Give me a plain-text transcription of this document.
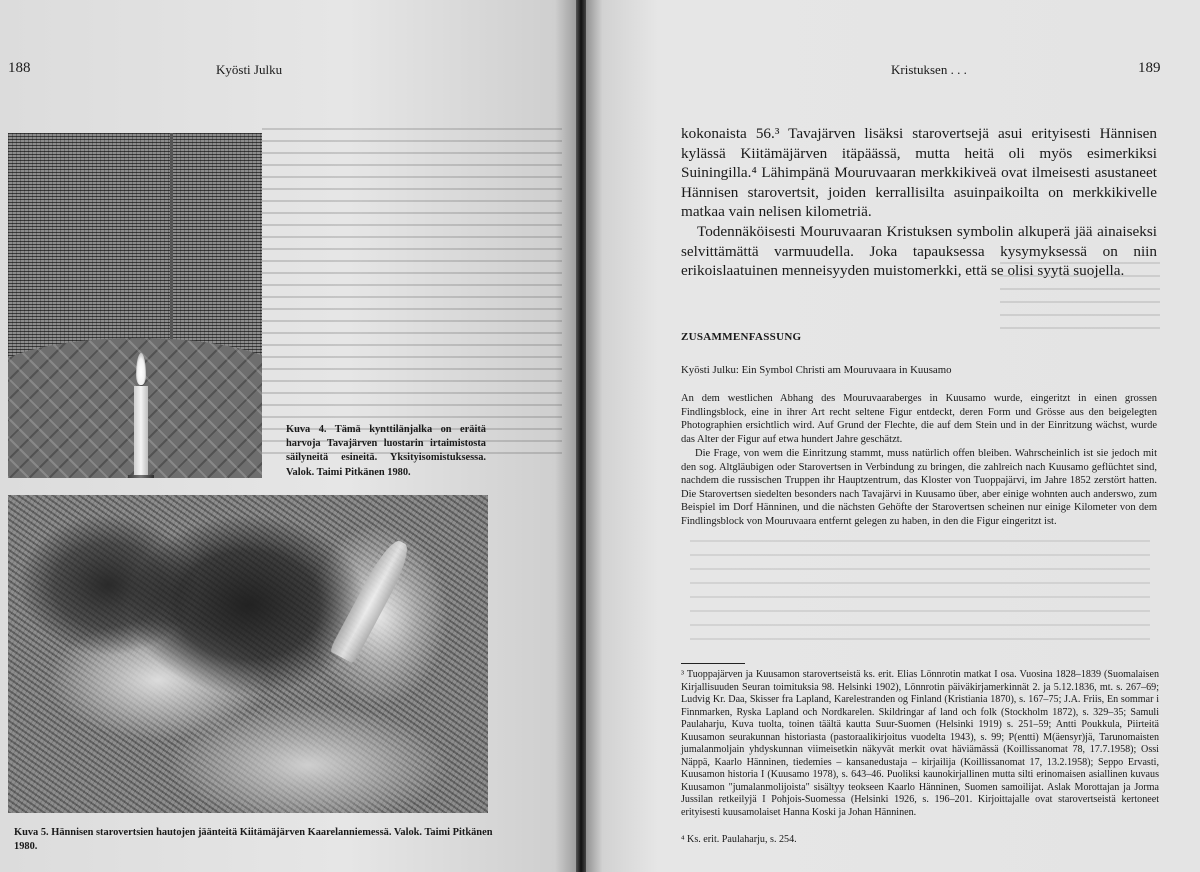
188	Kyösti Julku
Kuva 4. Tämä kynttilänjalka on eräitä harvoja Tavajärven luostarin irtaimistosta säilyneitä esineitä. Yksityisomistuksessa. Valok. Taimi Pitkänen 1980.
Kuva 5. Hännisen starovertsien hautojen jäänteitä Kiitämäjärven Kaarelanniemessä. Valok. Taimi Pitkänen 1980.
Kristuksen . . .	189
kokonaista 56.³ Tavajärven lisäksi starovertsejä asui erityisesti Hännisen kylässä Kiitämäjärven itäpäässä, mutta heitä oli myös esimerkiksi Suiningilla.⁴ Lähimpänä Mouruvaaran merkkikiveä ovat ilmeisesti asustaneet Hännisen starovertsit, joiden kerrallisilta asuinpaikoilta on merkkikivelle matkaa vain nelisen kilometriä.
Todennäköisesti Mouruvaaran Kristuksen symbolin alkuperä jää ainaiseksi selvittämättä varmuudella. Joka tapauksessa kysymyksessä on niin erikoislaatuinen menneisyyden muistomerkki, että se olisi syytä suojella.
ZUSAMMENFASSUNG
Kyösti Julku: Ein Symbol Christi am Mouruvaara in Kuusamo
An dem westlichen Abhang des Mouruvaaraberges in Kuusamo wurde, eingeritzt in einen grossen Findlingsblock, eine in ihrer Art recht seltene Figur entdeckt, deren Form und Grösse aus den beigelegten Photographien ersichtlich wird. Auf Grund der Flechte, die auf dem Stein und in der Einritzung wächst, wurde das Alter der Figur auf etwa hundert Jahre geschätzt.
Die Frage, von wem die Einritzung stammt, muss natürlich offen bleiben. Wahrscheinlich ist sie jedoch mit den sog. Altgläubigen oder Starovertsen in Verbindung zu bringen, die zahlreich nach Kuusamo geflüchtet sind, nachdem die russischen Truppen ihr Hauptzentrum, das Kloster von Tuoppajärvi, im Jahre 1852 zerstört hatten. Die Starovertsen siedelten besonders nach Tavajärvi in Kuusamo über, aber einige wohnten auch anderswo, zum Beispiel im Dorf Hänninen, und die nächsten Gehöfte der Starovertsen scheinen nur einige Kilometer von dem Findlingsblock von Mouruvaara entfernt gelegen zu haben, in den die Figur eingeritzt ist.
³ Tuoppajärven ja Kuusamon starovertseistä ks. erit. Elias Lönnrotin matkat I osa. Vuosina 1828–1839 (Suomalaisen Kirjallisuuden Seuran toimituksia 98. Helsinki 1902), Lönnrotin päiväkirjamerkinnät 2. ja 5.12.1836, mt. s. 267–69; Ludvig Kr. Daa, Skisser fra Lapland, Karelestranden og Finland (Kristiania 1870), s. 167–75; J.A. Friis, En sommar i Finnmarken, Ryska Lapland och Nordkarelen. Skildringar af land och folk (Stockholm 1872), s. 329–35; Samuli Paulaharju, Kuva tuolta, toinen täältä kautta Suur-Suomen (Helsinki 1919) s. 251–59; Antti Poukkula, Piirteitä Kuusamon seurakunnan historiasta (pastoraalikirjoitus vuodelta 1943), s. 99; P(entti) M(äensyr)jä, Tarunomaisten jumalanmoljain yhdyskunnan viimeisetkin näkyvät merkit ovat häviämässä (Koillissanomat 78, 17.7.1958); Ossi Näppä, Kaarlo Hänninen, tiedemies – kansanedustaja – kirjailija (Koillissanomat 17, 13.2.1958); Seppo Ervasti, Kuusamon historia I (Kuusamo 1978), s. 643–46. Puoliksi kaunokirjallinen mutta silti erinomaisen asiallinen kuvaus Kuusamon "jumalanmolijoista" sisältyy teokseen Kaarlo Hänninen, Suomen samoilijat. Aslak Morottajan ja Jorma Jussilan retkeilyjä I Pohjois-Suomessa (Helsinki 1926, s. 196–201. Kirjoittajalle ovat starovertseistä kertoneet erityisesti kuusamolaiset Hanna Koski ja Johan Hänninen.
⁴ Ks. erit. Paulaharju, s. 254.
